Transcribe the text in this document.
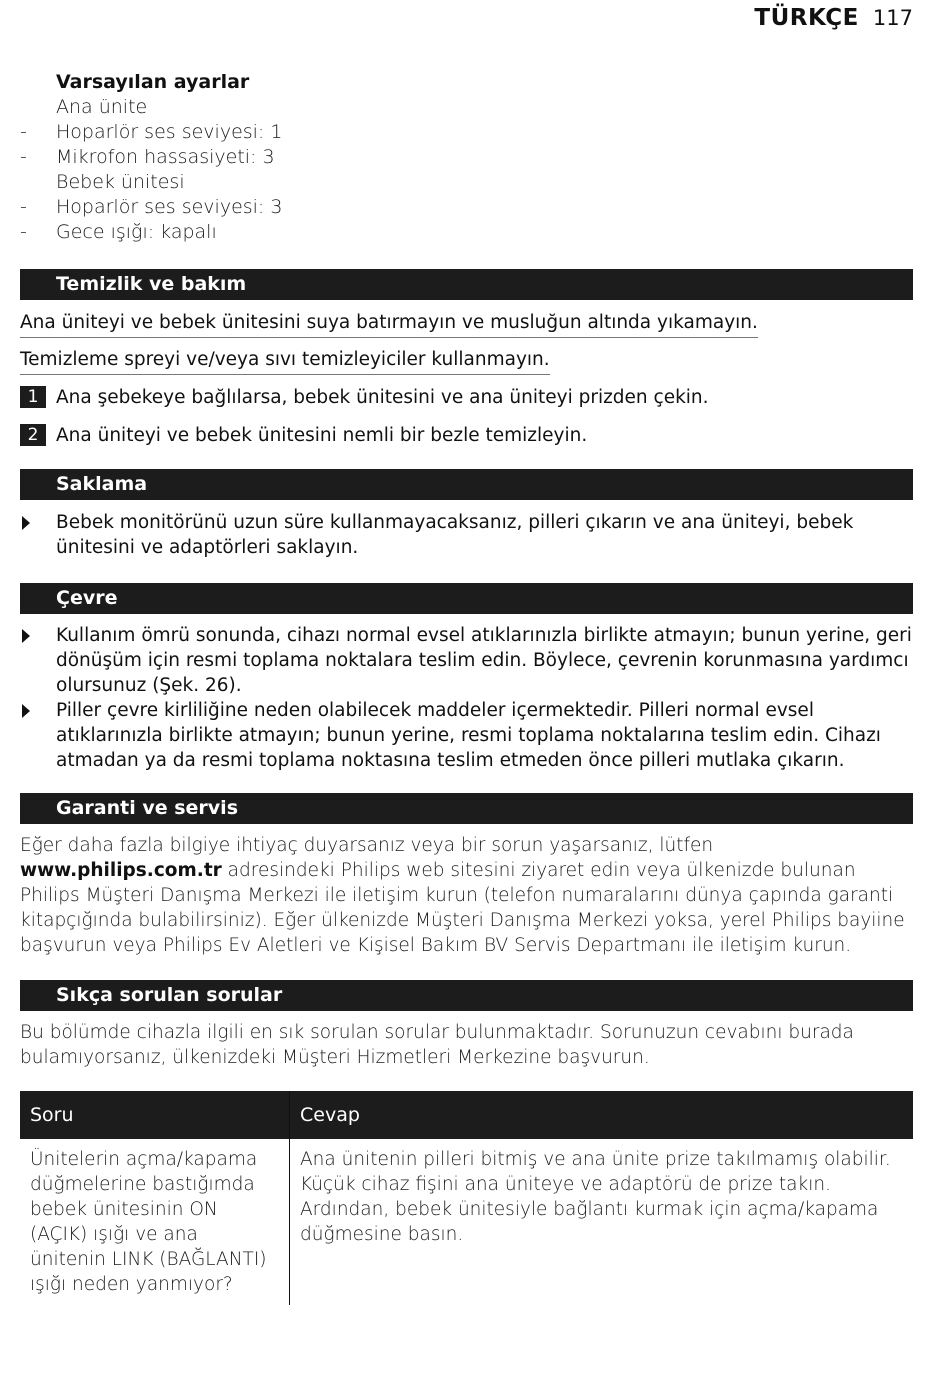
TÜRKÇE 117
Varsayılan ayarlar
Ana ünite
- Hoparlör ses seviyesi: 1
- Mikrofon hassasiyeti: 3
Bebek ünitesi
- Hoparlör ses seviyesi: 3
- Gece ışığı: kapalı
Temizlik ve bakım
Ana üniteyi ve bebek ünitesini suya batırmayın ve musluğun altında yıkamayın.
Temizleme spreyi ve/veya sıvı temizleyiciler kullanmayın.
1 Ana şebekeye bağlılarsa, bebek ünitesini ve ana üniteyi prizden çekin.
2 Ana üniteyi ve bebek ünitesini nemli bir bezle temizleyin.
Saklama
Bebek monitörünü uzun süre kullanmayacaksanız, pilleri çıkarın ve ana üniteyi, bebek ünitesini ve adaptörleri saklayın.
Çevre
Kullanım ömrü sonunda, cihazı normal evsel atıklarınızla birlikte atmayın; bunun yerine, geri dönüşüm için resmi toplama noktalara teslim edin. Böylece, çevrenin korunmasına yardımcı olursunuz (Şek. 26).
Piller çevre kirliliğine neden olabilecek maddeler içermektedir. Pilleri normal evsel atıklarınızla birlikte atmayın; bunun yerine, resmi toplama noktalarına teslim edin. Cihazı atmadan ya da resmi toplama noktasına teslim etmeden önce pilleri mutlaka çıkarın.
Garanti ve servis
Eğer daha fazla bilgiye ihtiyaç duyarsanız veya bir sorun yaşarsanız, lütfen www.philips.com.tr adresindeki Philips web sitesini ziyaret edin veya ülkenizde bulunan Philips Müşteri Danışma Merkezi ile iletişim kurun (telefon numaralarını dünya çapında garanti kitapçığında bulabilirsiniz). Eğer ülkenizde Müşteri Danışma Merkezi yoksa, yerel Philips bayiine başvurun veya Philips Ev Aletleri ve Kişisel Bakım BV Servis Departmanı ile iletişim kurun.
Sıkça sorulan sorular
Bu bölümde cihazla ilgili en sık sorulan sorular bulunmaktadır. Sorunuzun cevabını burada bulamıyorsanız, ülkenizdeki Müşteri Hizmetleri Merkezine başvurun.
Soru	Cevap
Ünitelerin açma/kapama düğmelerine bastığımda bebek ünitesinin ON (AÇIK) ışığı ve ana ünitenin LINK (BAĞLANTI) ışığı neden yanmıyor?	Ana ünitenin pilleri bitmiş ve ana ünite prize takılmamış olabilir. Küçük cihaz fişini ana üniteye ve adaptörü de prize takın. Ardından, bebek ünitesiyle bağlantı kurmak için açma/kapama düğmesine basın.
